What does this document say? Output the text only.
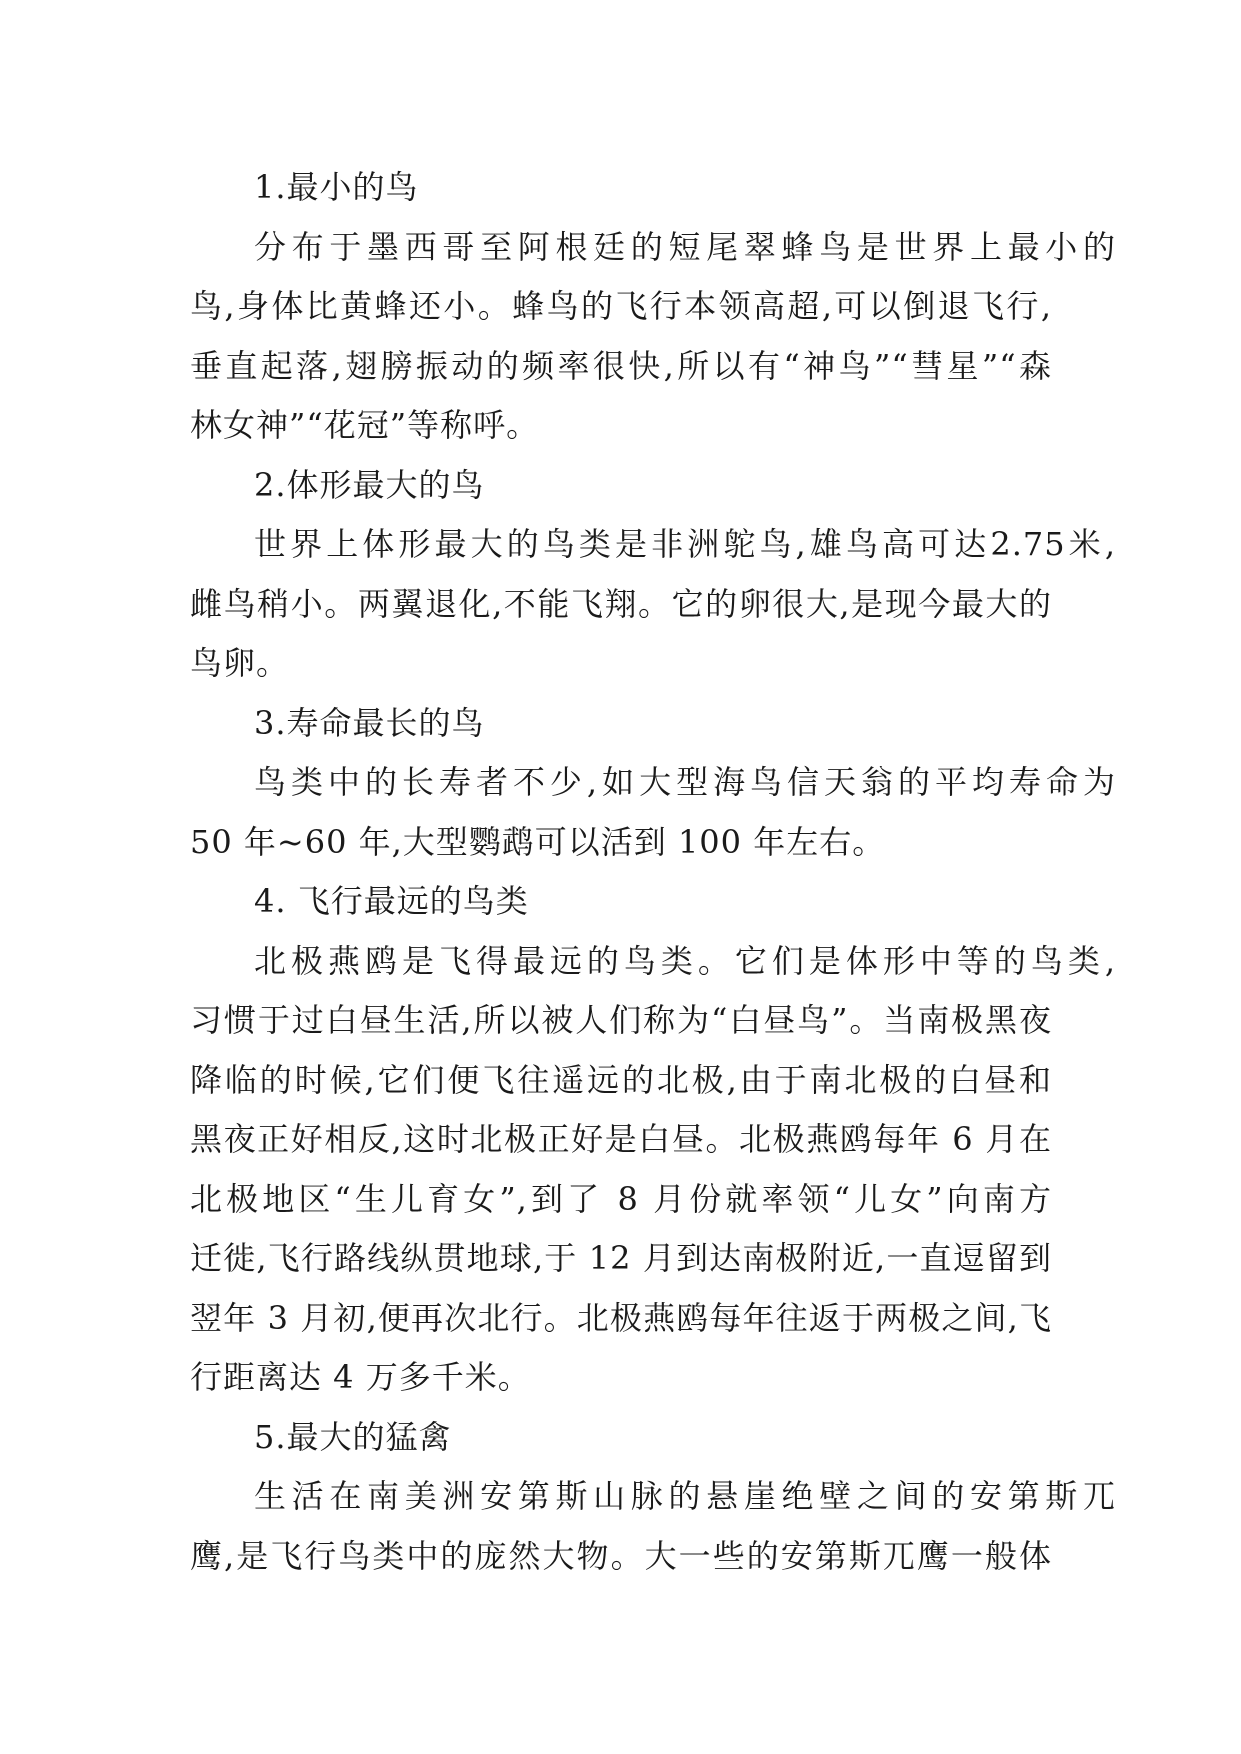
1.最小的鸟
分布于墨西哥至阿根廷的短尾翠蜂鸟是世界上最小的
鸟,身体比黄蜂还小。蜂鸟的飞行本领高超,可以倒退飞行,
垂直起落,翅膀振动的频率很快,所以有“神鸟”“彗星”“森
林女神”“花冠”等称呼。
2.体形最大的鸟
世界上体形最大的鸟类是非洲鸵鸟,雄鸟高可达2.75米,
雌鸟稍小。两翼退化,不能飞翔。它的卵很大,是现今最大的
鸟卵。
3.寿命最长的鸟
鸟类中的长寿者不少,如大型海鸟信天翁的平均寿命为
50 年~60 年,大型鹦鹉可以活到 100 年左右。
4. 飞行最远的鸟类
北极燕鸥是飞得最远的鸟类。它们是体形中等的鸟类,
习惯于过白昼生活,所以被人们称为“白昼鸟”。当南极黑夜
降临的时候,它们便飞往遥远的北极,由于南北极的白昼和
黑夜正好相反,这时北极正好是白昼。北极燕鸥每年 6 月在
北极地区“生儿育女”,到了 8 月份就率领“儿女”向南方
迁徙,飞行路线纵贯地球,于 12 月到达南极附近,一直逗留到
翌年 3 月初,便再次北行。北极燕鸥每年往返于两极之间,飞
行距离达 4 万多千米。
5.最大的猛禽
生活在南美洲安第斯山脉的悬崖绝壁之间的安第斯兀
鹰,是飞行鸟类中的庞然大物。大一些的安第斯兀鹰一般体
